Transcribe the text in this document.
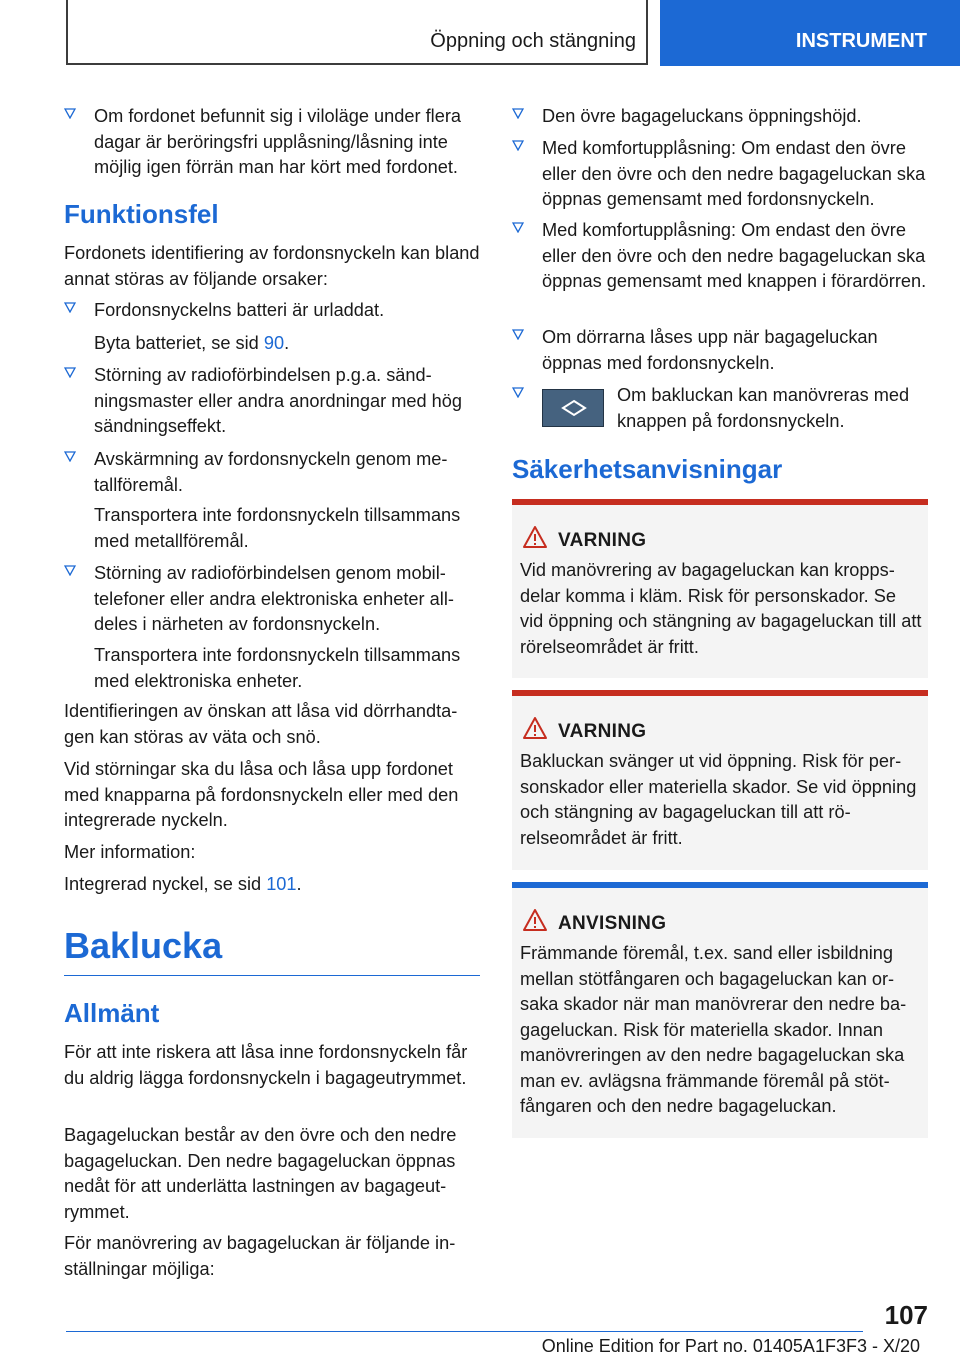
Öppning och stängning	INSTRUMENT

Om fordonet befunnit sig i viloläge under flera dagar är beröringsfri upplåsning/låsning inte möjlig igen förrän man har kört med fordonet.

Funktionsfel

Fordonets identifiering av fordonsnyckeln kan bland annat störas av följande orsaker:

Fordonsnyckelns batteri är urladdat.

Byta batteriet, se sid 90.

Störning av radioförbindelsen p.g.a. sändningsmaster eller andra anordningar med hög sändningseffekt.

Avskärmning av fordonsnyckeln genom metallföremål.

Transportera inte fordonsnyckeln tillsammans med metallföremål.

Störning av radioförbindelsen genom mobiltelefoner eller andra elektroniska enheter alldeles i närheten av fordonsnyckeln.

Transportera inte fordonsnyckeln tillsammans med elektroniska enheter.

Identifieringen av önskan att låsa vid dörrhandtagen kan störas av väta och snö.

Vid störningar ska du låsa och låsa upp fordonet med knapparna på fordonsnyckeln eller med den integrerade nyckeln.

Mer information:

Integrerad nyckel, se sid 101.

Baklucka
Allmänt

För att inte riskera att låsa inne fordonsnyckeln får du aldrig lägga fordonsnyckeln i bagageutrymmet.

Bagageluckan består av den övre och den nedre bagageluckan. Den nedre bagageluckan öppnas nedåt för att underlätta lastningen av bagageutrymmet.

För manövrering av bagageluckan är följande inställningar möjliga:

Den övre bagageluckans öppningshöjd.

Med komfortupplåsning: Om endast den övre eller den övre och den nedre bagageluckan ska öppnas gemensamt med fordonsnyckeln.

Med komfortupplåsning: Om endast den övre eller den övre och den nedre bagageluckan ska öppnas gemensamt med knappen i förardörren.

Om dörrarna låses upp när bagageluckan öppnas med fordonsnyckeln.

Om bakluckan kan manövreras med knappen på fordonsnyckeln.

Säkerhetsanvisningar
VARNING

Vid manövrering av bagageluckan kan kroppsdelar komma i kläm. Risk för personskador. Se vid öppning och stängning av bagageluckan till att rörelseområdet är fritt.

VARNING

Bakluckan svänger ut vid öppning. Risk för personskador eller materiella skador. Se vid öppning och stängning av bagageluckan till att rörelseområdet är fritt.

ANVISNING

Främmande föremål, t.ex. sand eller isbildning mellan stötfångaren och bagageluckan kan orsaka skador när man manövrerar den nedre bagageluckan. Risk för materiella skador. Innan manövreringen av den nedre bagageluckan ska man ev. avlägsna främmande föremål på stötfångaren och den nedre bagageluckan.

107
Online Edition for Part no. 01405A1F3F3 - X/20
